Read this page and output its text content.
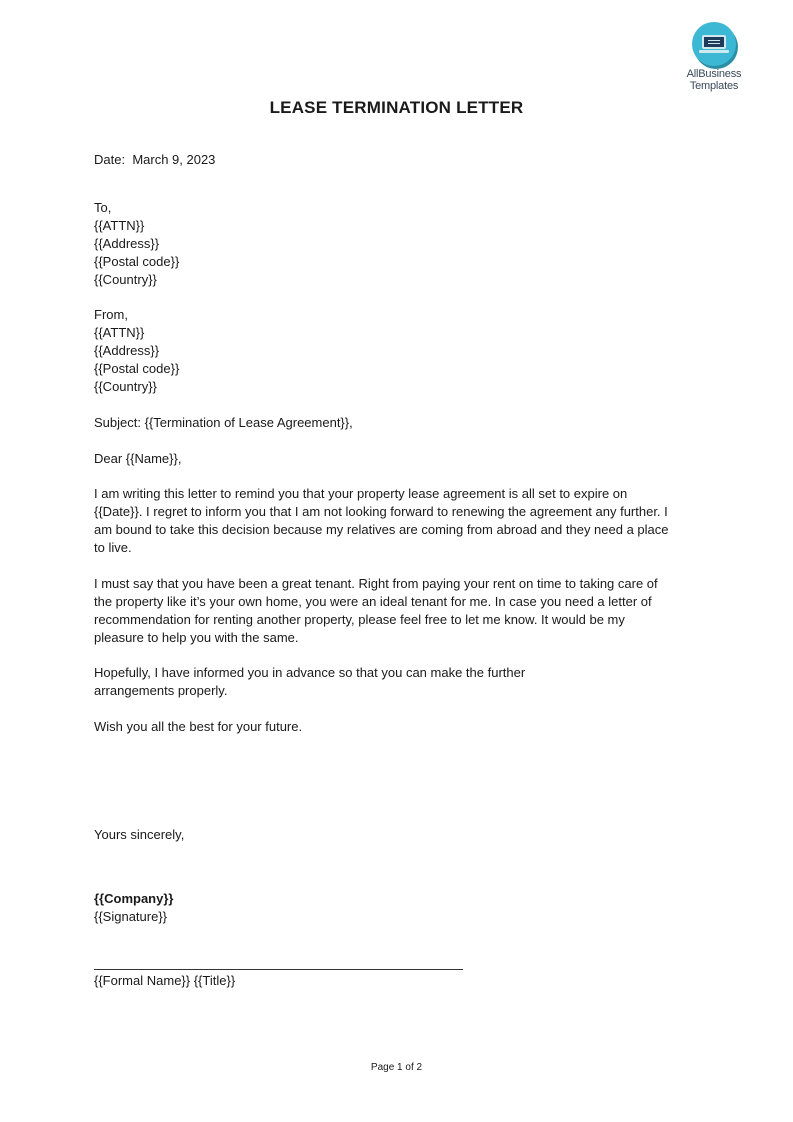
AllBusiness
Templates
LEASE TERMINATION LETTER
Date: March 9, 2023
To,
{{ATTN}}
{{Address}}
{{Postal code}}
{{Country}}
From,
{{ATTN}}
{{Address}}
{{Postal code}}
{{Country}}
Subject: {{Termination of Lease Agreement}},
Dear {{Name}},
I am writing this letter to remind you that your property lease agreement is all set to expire on
{{Date}}. I regret to inform you that I am not looking forward to renewing the agreement any further. I
am bound to take this decision because my relatives are coming from abroad and they need a place
to live.
I must say that you have been a great tenant. Right from paying your rent on time to taking care of
the property like it’s your own home, you were an ideal tenant for me. In case you need a letter of
recommendation for renting another property, please feel free to let me know. It would be my
pleasure to help you with the same.
Hopefully, I have informed you in advance so that you can make the further
arrangements properly.
Wish you all the best for your future.
Yours sincerely,
{{Company}}
{{Signature}}
{{Formal Name}} {{Title}}
Page 1 of 2
